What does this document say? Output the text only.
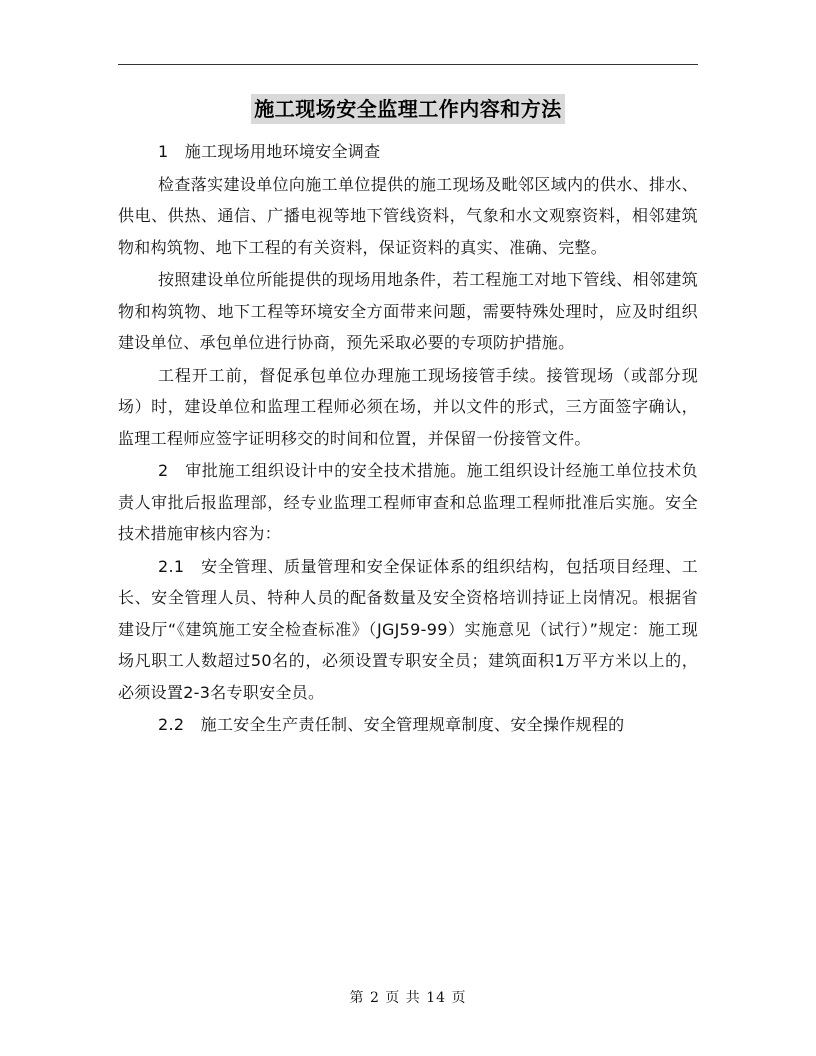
施工现场安全监理工作内容和方法

1　施工现场用地环境安全调查

检查落实建设单位向施工单位提供的施工现场及毗邻区域内的供水、排水、供电、供热、通信、广播电视等地下管线资料，气象和水文观察资料，相邻建筑物和构筑物、地下工程的有关资料，保证资料的真实、准确、完整。

按照建设单位所能提供的现场用地条件，若工程施工对地下管线、相邻建筑物和构筑物、地下工程等环境安全方面带来问题，需要特殊处理时，应及时组织建设单位、承包单位进行协商，预先采取必要的专项防护措施。

工程开工前，督促承包单位办理施工现场接管手续。接管现场（或部分现场）时，建设单位和监理工程师必须在场，并以文件的形式，三方面签字确认，监理工程师应签字证明移交的时间和位置，并保留一份接管文件。

2　审批施工组织设计中的安全技术措施。施工组织设计经施工单位技术负责人审批后报监理部，经专业监理工程师审查和总监理工程师批准后实施。安全技术措施审核内容为：

2.1　安全管理、质量管理和安全保证体系的组织结构，包括项目经理、工长、安全管理人员、特种人员的配备数量及安全资格培训持证上岗情况。根据省建设厅“《建筑施工安全检查标准》（JGJ59-99）实施意见（试行）”规定：施工现场凡职工人数超过50名的，必须设置专职安全员；建筑面积1万平方米以上的，必须设置2-3名专职安全员。

2.2　施工安全生产责任制、安全管理规章制度、安全操作规程的

第 2 页 共 14 页
